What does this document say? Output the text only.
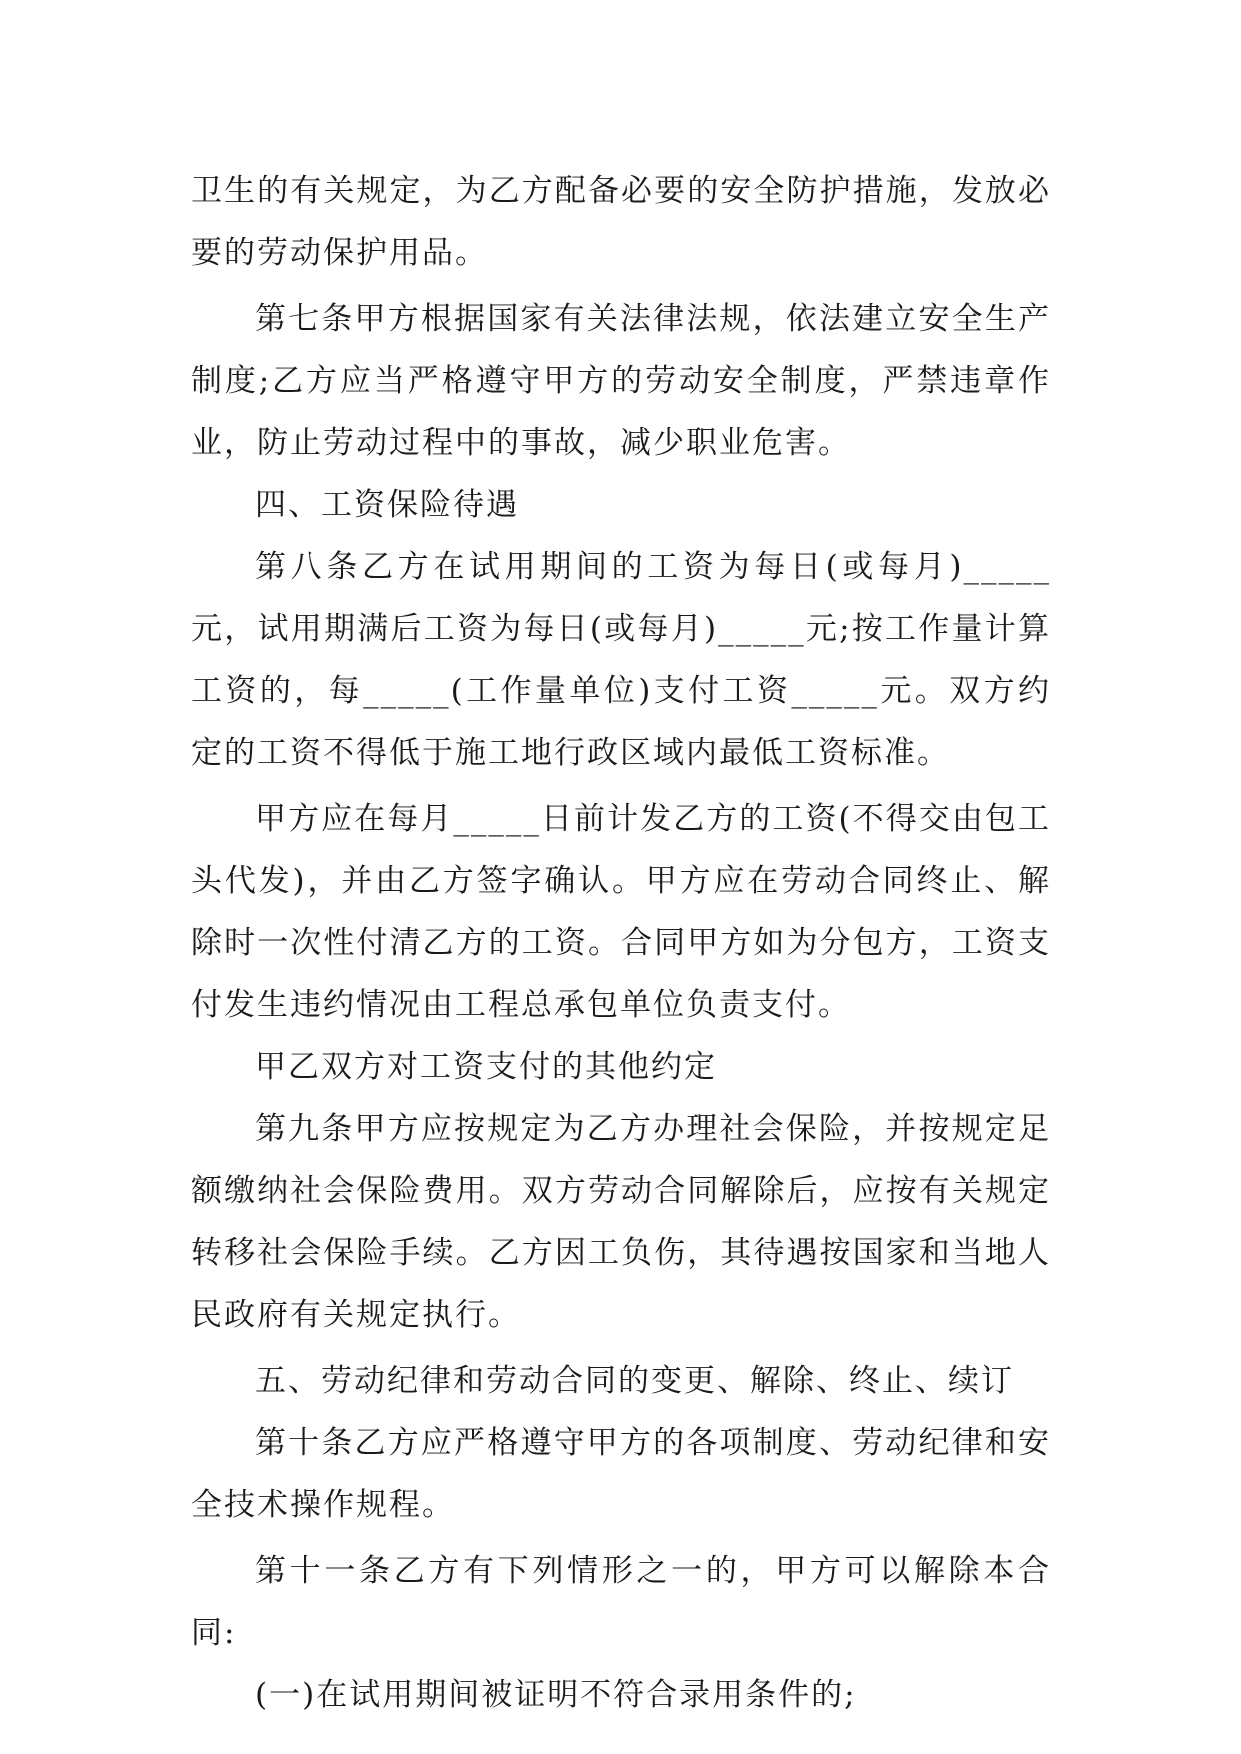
卫生的有关规定，为乙方配备必要的安全防护措施，发放必要的劳动保护用品。

第七条甲方根据国家有关法律法规，依法建立安全生产制度;乙方应当严格遵守甲方的劳动安全制度，严禁违章作业，防止劳动过程中的事故，减少职业危害。

四、工资保险待遇

第八条乙方在试用期间的工资为每日(或每月)_____元，试用期满后工资为每日(或每月)_____元;按工作量计算工资的，每_____(工作量单位)支付工资_____元。双方约定的工资不得低于施工地行政区域内最低工资标准。

甲方应在每月_____日前计发乙方的工资(不得交由包工头代发)，并由乙方签字确认。甲方应在劳动合同终止、解除时一次性付清乙方的工资。合同甲方如为分包方，工资支付发生违约情况由工程总承包单位负责支付。

甲乙双方对工资支付的其他约定

第九条甲方应按规定为乙方办理社会保险，并按规定足额缴纳社会保险费用。双方劳动合同解除后，应按有关规定转移社会保险手续。乙方因工负伤，其待遇按国家和当地人民政府有关规定执行。

五、劳动纪律和劳动合同的变更、解除、终止、续订

第十条乙方应严格遵守甲方的各项制度、劳动纪律和安全技术操作规程。

第十一条乙方有下列情形之一的，甲方可以解除本合同:

(一)在试用期间被证明不符合录用条件的;
